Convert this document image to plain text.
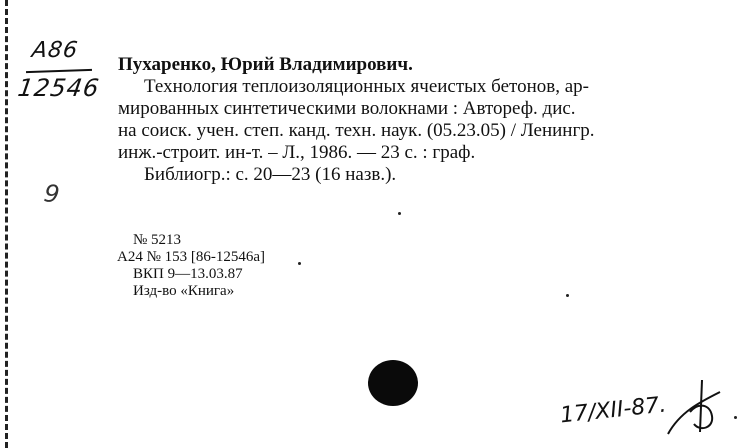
A86
12546
9
Пухаренко, Юрий Владимирович.
Технология теплоизоляционных ячеистых бетонов, ар-
мированных синтетическими волокнами : Автореф. дис.
на соиск. учен. степ. канд. техн. наук. (05.23.05) / Ленингр.
инж.-строит. ин-т. – Л., 1986. — 23 с. : граф.
Библиогр.: с. 20—23 (16 назв.).
№ 5213
А24 № 153 [86-12546а]
ВКП 9—13.03.87
Изд-во «Книга»
17/XII-87.
